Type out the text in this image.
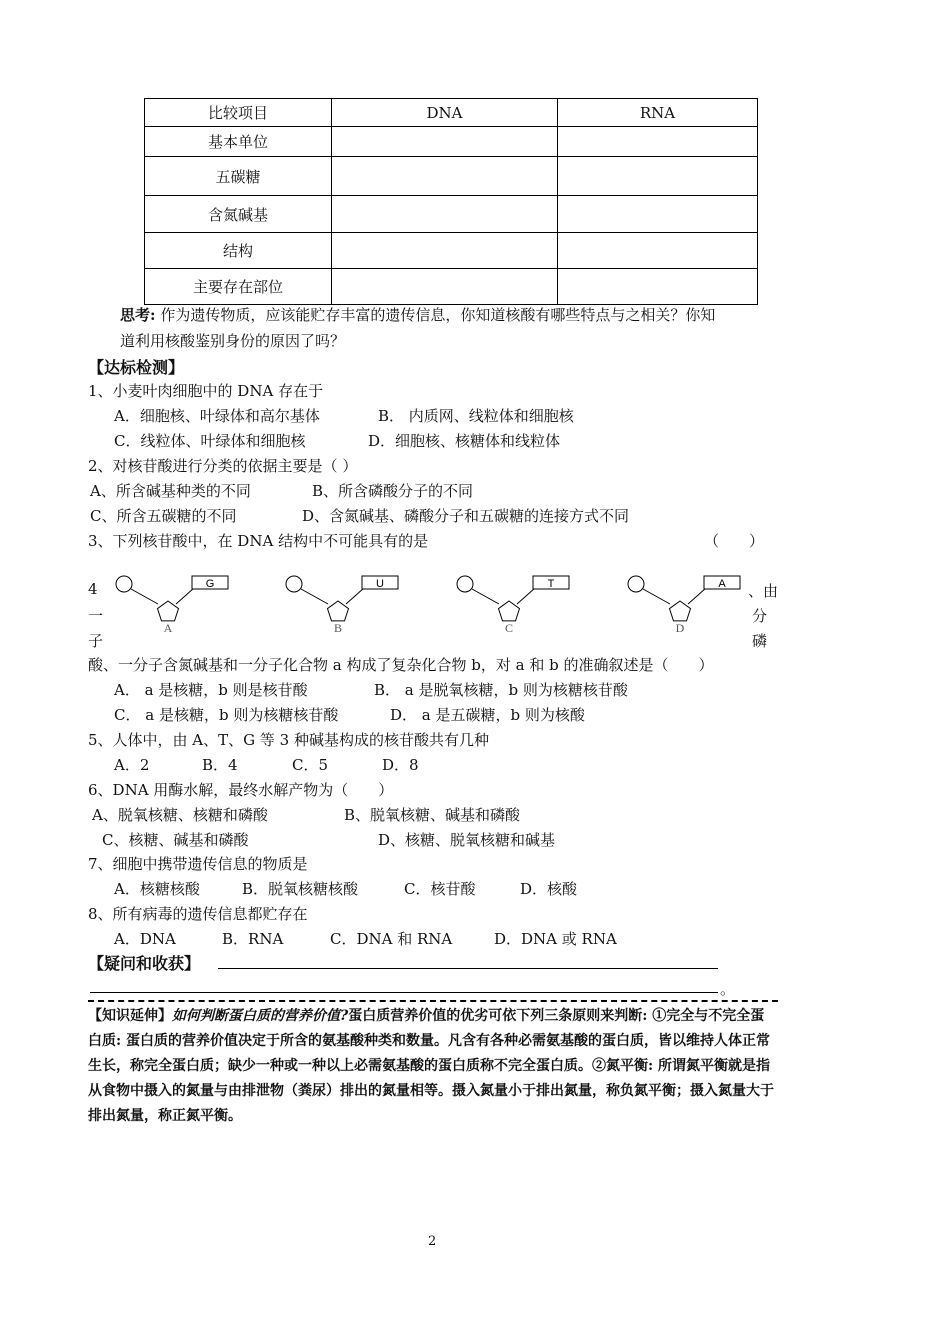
比较项目	DNA	RNA
基本单位		
五碳糖		
含氮碱基		
结构		
主要存在部位		
思考: 作为遗传物质，应该能贮存丰富的遗传信息，你知道核酸有哪些特点与之相关？你知
道利用核酸鉴别身份的原因了吗？
【达标检测】
1、小麦叶肉细胞中的 DNA 存在于
A．细胞核、叶绿体和高尔基体	B． 内质网、线粒体和细胞核
C．线粒体、叶绿体和细胞核	D．细胞核、核糖体和线粒体
2、对核苷酸进行分类的依据主要是（ ）
A、所含碱基种类的不同	B、所含磷酸分子的不同
C、所含五碳糖的不同	D、含氮碱基、磷酸分子和五碳糖的连接方式不同
3、下列核苷酸中，在 DNA 结构中不可能具有的是	（　　）
G
A
U
B
T
C
A
D
4
一
子
、由
分
磷
酸、一分子含氮碱基和一分子化合物 a 构成了复杂化合物 b，对 a 和 b 的准确叙述是（　　）
A． a 是核糖，b 则是核苷酸	B． a 是脱氧核糖，b 则为核糖核苷酸
C． a 是核糖，b 则为核糖核苷酸	D． a 是五碳糖，b 则为核酸
5、人体中，由 A、T、G 等 3 种碱基构成的核苷酸共有几种
A．2	B．4	C．5	D．8
6、DNA 用酶水解，最终水解产物为（　　）
A、脱氧核糖、核糖和磷酸	B、脱氧核糖、碱基和磷酸
C、核糖、碱基和磷酸	D、核糖、脱氧核糖和碱基
7、细胞中携带遗传信息的物质是
A．核糖核酸	B．脱氧核糖核酸	C．核苷酸	D．核酸
8、所有病毒的遗传信息都贮存在
A．DNA	B．RNA	C．DNA 和 RNA	D．DNA 或 RNA
【疑问和收获】
。
【知识延伸】如何判断蛋白质的营养价值?蛋白质营养价值的优劣可依下列三条原则来判断: ①完全与不完全蛋白质: 蛋白质的营养价值决定于所含的氨基酸种类和数量。凡含有各种必需氨基酸的蛋白质，皆以维持人体正常生长，称完全蛋白质；缺少一种或一种以上必需氨基酸的蛋白质称不完全蛋白质。②氮平衡: 所谓氮平衡就是指从食物中摄入的氮量与由排泄物（粪尿）排出的氮量相等。摄入氮量小于排出氮量，称负氮平衡；摄入氮量大于排出氮量，称正氮平衡。
2
